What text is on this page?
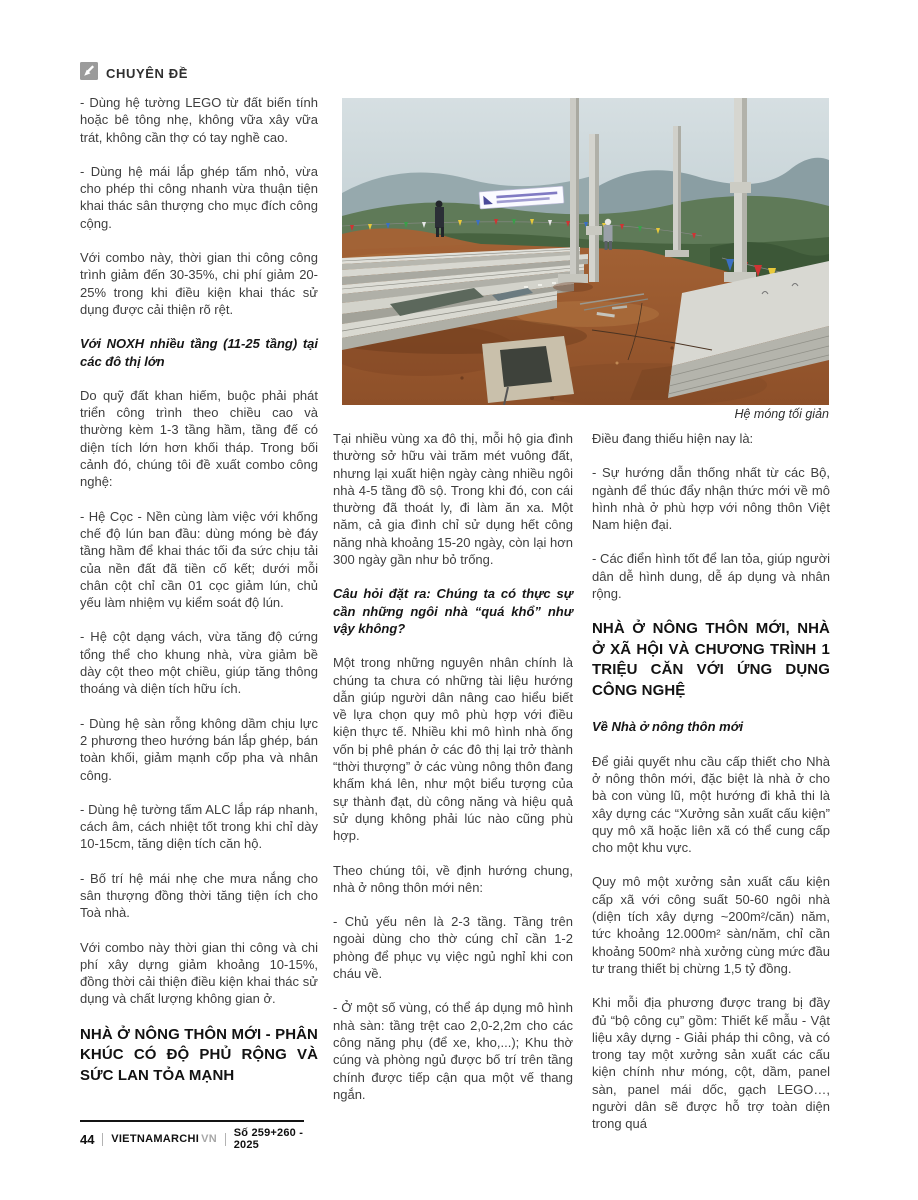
CHUYÊN ĐỀ
Hệ móng tối giản

- Dùng hệ tường LEGO từ đất biến tính hoặc bê tông nhẹ, không vữa xây vữa trát, không cần thợ có tay nghề cao.

- Dùng hệ mái lắp ghép tấm nhỏ, vừa cho phép thi công nhanh vừa thuận tiện khai thác sân thượng cho mục đích công cộng.

Với combo này, thời gian thi công công trình giảm đến 30-35%, chi phí giảm 20-25% trong khi điều kiện khai thác sử dụng được cải thiện rõ rệt.

Với NOXH nhiều tầng (11-25 tầng) tại các đô thị lớn

Do quỹ đất khan hiếm, buộc phải phát triển công trình theo chiều cao và thường kèm 1-3 tầng hầm, tầng đế có diện tích lớn hơn khối tháp. Trong bối cảnh đó, chúng tôi đề xuất combo công nghệ:

- Hệ Cọc - Nền cùng làm việc với khống chế độ lún ban đầu: dùng móng bè đáy tầng hầm để khai thác tối đa sức chịu tải của nền đất đã tiền cố kết; dưới mỗi chân cột chỉ cần 01 cọc giảm lún, chủ yếu làm nhiệm vụ kiểm soát độ lún.

- Hệ cột dạng vách, vừa tăng độ cứng tổng thể cho khung nhà, vừa giảm bề dày cột theo một chiều, giúp tăng thông thoáng và diện tích hữu ích.

- Dùng hệ sàn rỗng không dầm chịu lực 2 phương theo hướng bán lắp ghép, bán toàn khối, giảm mạnh cốp pha và nhân công.

- Dùng hệ tường tấm ALC lắp ráp nhanh, cách âm, cách nhiệt tốt trong khi chỉ dày 10-15cm, tăng diện tích căn hộ.

- Bố trí hệ mái nhẹ che mưa nắng cho sân thượng đồng thời tăng tiện ích cho Toà nhà.

Với combo này thời gian thi công và chi phí xây dựng giảm khoảng 10-15%, đồng thời cải thiện điều kiện khai thác sử dụng và chất lượng không gian ở.

NHÀ Ở NÔNG THÔN MỚI - PHÂN KHÚC CÓ ĐỘ PHỦ RỘNG VÀ SỨC LAN TỎA MẠNH

Tại nhiều vùng xa đô thị, mỗi hộ gia đình thường sở hữu vài trăm mét vuông đất, nhưng lại xuất hiện ngày càng nhiều ngôi nhà 4-5 tầng đồ sộ. Trong khi đó, con cái thường đã thoát ly, đi làm ăn xa. Một năm, cả gia đình chỉ sử dụng hết công năng nhà khoảng 15-20 ngày, còn lại hơn 300 ngày gần như bỏ trống.

Câu hỏi đặt ra: Chúng ta có thực sự cần những ngôi nhà “quá khổ” như vậy không?

Một trong những nguyên nhân chính là chúng ta chưa có những tài liệu hướng dẫn giúp người dân nâng cao hiểu biết về lựa chọn quy mô phù hợp với điều kiện thực tế. Nhiều khi mô hình nhà ống vốn bị phê phán ở các đô thị lại trở thành “thời thượng” ở các vùng nông thôn đang khấm khá lên, như một biểu tượng của sự thành đạt, dù công năng và hiệu quả sử dụng không phải lúc nào cũng phù hợp.

Theo chúng tôi, về định hướng chung, nhà ở nông thôn mới nên:

- Chủ yếu nên là 2-3 tầng. Tầng trên ngoài dùng cho thờ cúng chỉ cần 1-2 phòng để phục vụ việc ngủ nghỉ khi con cháu về.

- Ở một số vùng, có thể áp dụng mô hình nhà sàn: tầng trệt cao 2,0-2,2m cho các công năng phụ (để xe, kho,...); Khu thờ cúng và phòng ngủ được bố trí trên tầng chính được tiếp cận qua một vế thang ngắn.

Điều đang thiếu hiện nay là:

- Sự hướng dẫn thống nhất từ các Bộ, ngành để thúc đẩy nhận thức mới về mô hình nhà ở phù hợp với nông thôn Việt Nam hiện đại.

- Các điển hình tốt để lan tỏa, giúp người dân dễ hình dung, dễ áp dụng và nhân rộng.

NHÀ Ở NÔNG THÔN MỚI, NHÀ Ở XÃ HỘI VÀ CHƯƠNG TRÌNH 1 TRIỆU CĂN VỚI ỨNG DỤNG CÔNG NGHỆ

Về Nhà ở nông thôn mới

Để giải quyết nhu cầu cấp thiết cho Nhà ở nông thôn mới, đặc biệt là nhà ở cho bà con vùng lũ, một hướng đi khả thi là xây dựng các “Xưởng sản xuất cấu kiện” quy mô xã hoặc liên xã có thể cung cấp cho một khu vực.

Quy mô một xưởng sản xuất cấu kiện cấp xã với công suất 50-60 ngôi nhà (diện tích xây dựng ~200m²/căn) năm, tức khoảng 12.000m² sàn/năm, chỉ cần khoảng 500m² nhà xưởng cùng mức đầu tư trang thiết bị chừng 1,5 tỷ đồng.

Khi mỗi địa phương được trang bị đầy đủ “bộ công cụ” gồm: Thiết kế mẫu - Vật liệu xây dựng - Giải pháp thi công, và có trong tay một xưởng sản xuất các cấu kiện chính như móng, cột, dầm, panel sàn, panel mái dốc, gạch LEGO…, người dân sẽ được hỗ trợ toàn diện trong quá

44 VIETNAMARCHI VN Số 259+260 - 2025
